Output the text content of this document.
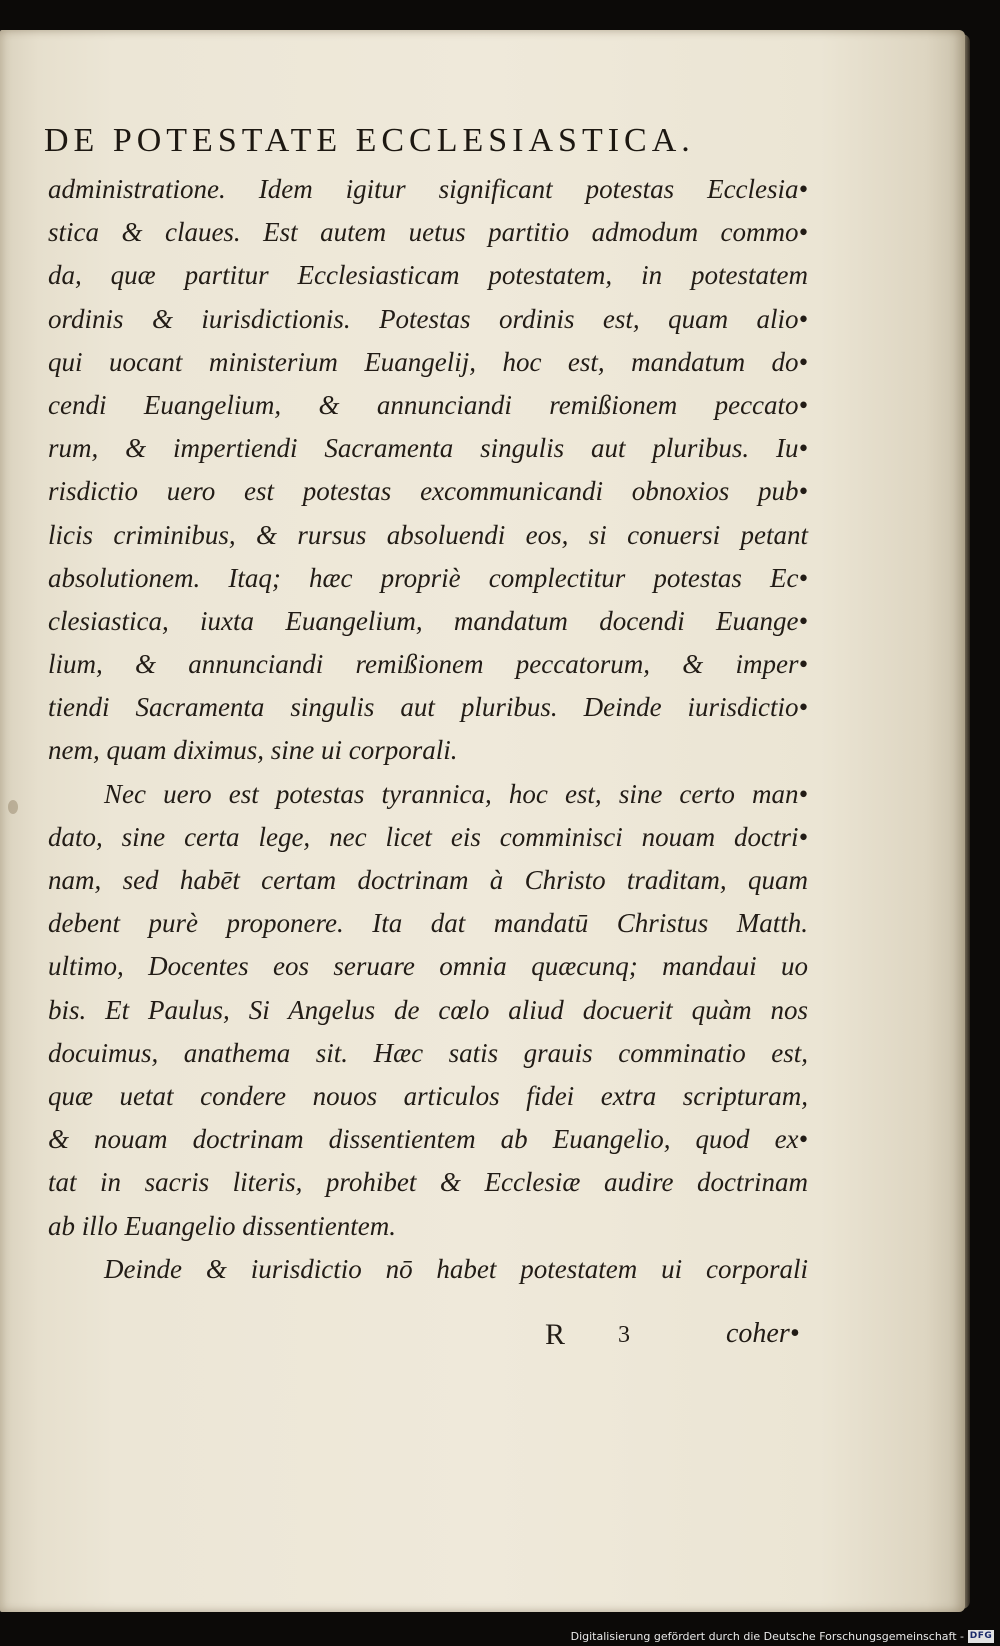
DE POTESTATE ECCLESIASTICA.
administratione. Idem igitur significant potestas Ecclesia•
stica & claues. Est autem uetus partitio admodum commo•
da, quæ partitur Ecclesiasticam potestatem, in potestatem
ordinis & iurisdictionis. Potestas ordinis est, quam alio•
qui uocant ministerium Euangelij, hoc est, mandatum do•
cendi Euangelium, & annunciandi remißionem peccato•
rum, & impertiendi Sacramenta singulis aut pluribus. Iu•
risdictio uero est potestas excommunicandi obnoxios pub•
licis criminibus, & rursus absoluendi eos, si conuersi petant
absolutionem. Itaq; hæc propriè complectitur potestas Ec•
clesiastica, iuxta Euangelium, mandatum docendi Euange•
lium, & annunciandi remißionem peccatorum, & imper•
tiendi Sacramenta singulis aut pluribus. Deinde iurisdictio•
nem, quam diximus, sine ui corporali.
Nec uero est potestas tyrannica, hoc est, sine certo man•
dato, sine certa lege, nec licet eis comminisci nouam doctri•
nam, sed habēt certam doctrinam à Christo traditam, quam
debent purè proponere. Ita dat mandatū Christus Matth.
ultimo, Docentes eos seruare omnia quæcunq; mandaui uo
bis. Et Paulus, Si Angelus de cœlo aliud docuerit quàm nos
docuimus, anathema sit. Hæc satis grauis comminatio est,
quæ uetat condere nouos articulos fidei extra scripturam,
& nouam doctrinam dissentientem ab Euangelio, quod ex•
tat in sacris literis, prohibet & Ecclesiæ audire doctrinam
ab illo Euangelio dissentientem.
Deinde & iurisdictio nō habet potestatem ui corporali
R 3	coher•
Digitalisierung gefördert durch die Deutsche Forschungsgemeinschaft - DFG
